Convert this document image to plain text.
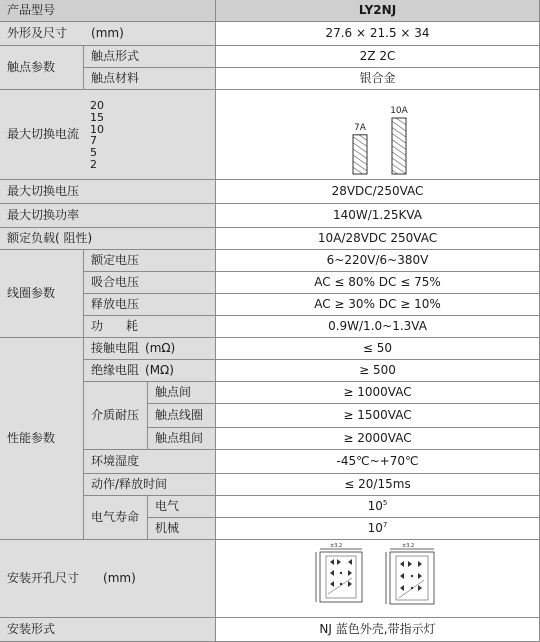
产品型号	LY2NJ
外形及尺寸 (mm)	27.6 × 21.5 × 34
触点参数
触点形式	2Z 2C
触点材料	银合金
最大切换电流
20
15
10
7
5
2
7A
10A
最大切换电压	28VDC/250VAC
最大切换功率	140W/1.25KVA
额定负载( 阻性)	10A/28VDC 250VAC
线圈参数
额定电压	6~220V/6~380V
吸合电压	AC ≤ 80% DC ≤ 75%
释放电压	AC ≥ 30% DC ≥ 10%
功      耗	0.9W/1.0~1.3VA
性能参数
接触电阻 (mΩ)	≤ 50
绝缘电阻 (MΩ)	≥ 500
介质耐压
触点间	≥ 1000VAC
触点线圈	≥ 1500VAC
触点组间	≥ 2000VAC
环境湿度	-45℃~+70℃
动作/释放时间	≤ 20/15ms
电气寿命
电气	$10^5$
机械	$10^7$
安装开孔尺寸 (mm)
±3.2	±3.2
安装形式	NJ 蓝色外壳,带指示灯
